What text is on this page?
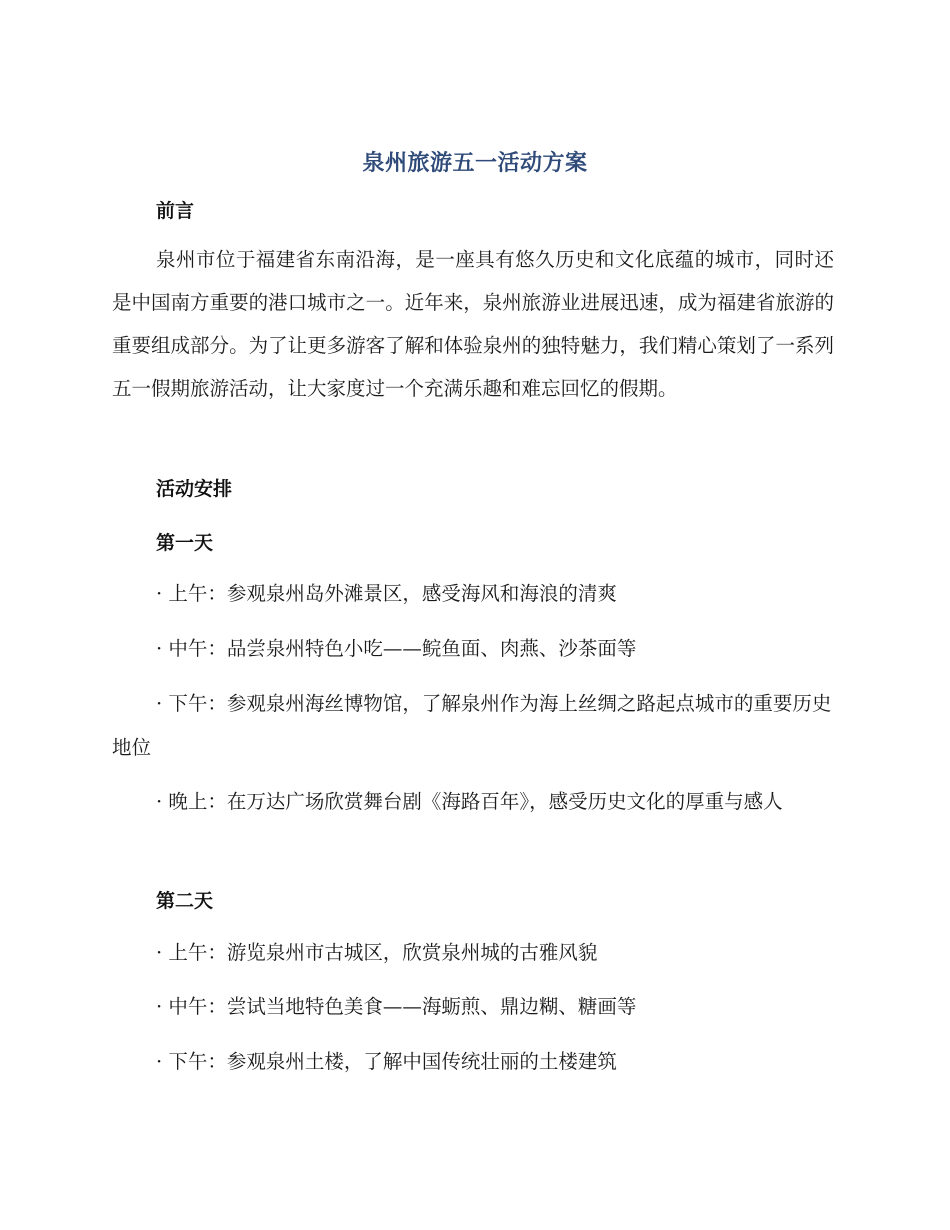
泉州旅游五一活动方案
前言
泉州市位于福建省东南沿海，是一座具有悠久历史和文化底蕴的城市，同时还是中国南方重要的港口城市之一。近年来，泉州旅游业进展迅速，成为福建省旅游的重要组成部分。为了让更多游客了解和体验泉州的独特魅力，我们精心策划了一系列五一假期旅游活动，让大家度过一个充满乐趣和难忘回忆的假期。
活动安排
第一天
· 上午：参观泉州岛外滩景区，感受海风和海浪的清爽
· 中午：品尝泉州特色小吃——鲩鱼面、肉燕、沙茶面等
· 下午：参观泉州海丝博物馆，了解泉州作为海上丝绸之路起点城市的重要历史地位
· 晚上：在万达广场欣赏舞台剧《海路百年》，感受历史文化的厚重与感人
第二天
· 上午：游览泉州市古城区，欣赏泉州城的古雅风貌
· 中午：尝试当地特色美食——海蛎煎、鼎边糊、糖画等
· 下午：参观泉州土楼，了解中国传统壮丽的土楼建筑
